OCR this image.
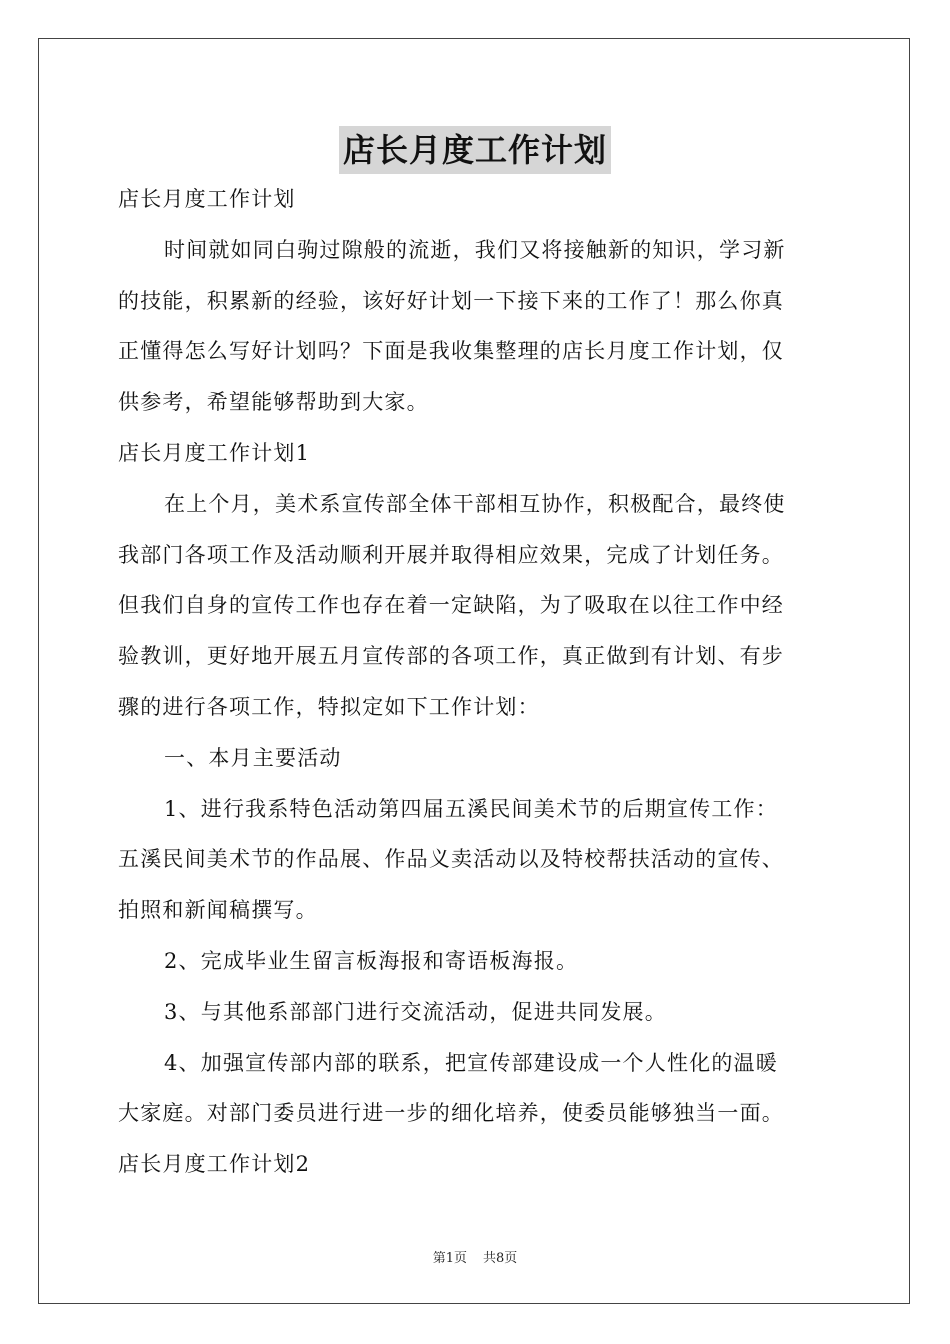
店长月度工作计划

店长月度工作计划

时间就如同白驹过隙般的流逝，我们又将接触新的知识，学习新

的技能，积累新的经验，该好好计划一下接下来的工作了！那么你真

正懂得怎么写好计划吗？下面是我收集整理的店长月度工作计划，仅

供参考，希望能够帮助到大家。

店长月度工作计划1

在上个月，美术系宣传部全体干部相互协作，积极配合，最终使

我部门各项工作及活动顺利开展并取得相应效果，完成了计划任务。

但我们自身的宣传工作也存在着一定缺陷，为了吸取在以往工作中经

验教训，更好地开展五月宣传部的各项工作，真正做到有计划、有步

骤的进行各项工作，特拟定如下工作计划：

一、本月主要活动

1、进行我系特色活动第四届五溪民间美术节的后期宣传工作：

五溪民间美术节的作品展、作品义卖活动以及特校帮扶活动的宣传、

拍照和新闻稿撰写。

2、完成毕业生留言板海报和寄语板海报。

3、与其他系部部门进行交流活动，促进共同发展。

4、加强宣传部内部的联系，把宣传部建设成一个人性化的温暖

大家庭。对部门委员进行进一步的细化培养，使委员能够独当一面。

店长月度工作计划2

第1页 共8页
